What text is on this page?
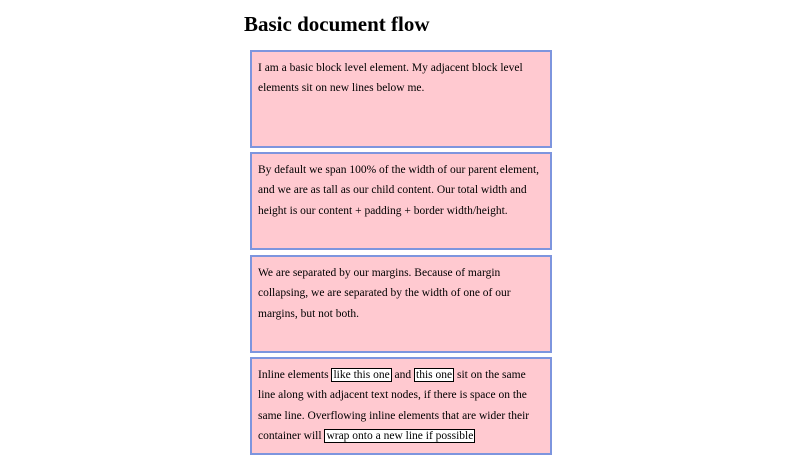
Basic document flow

I am a basic block level element. My adjacent block level elements sit on new lines below me.

By default we span 100% of the width of our parent element, and we are as tall as our child content. Our total width and height is our content + padding + border width/height.

We are separated by our margins. Because of margin collapsing, we are separated by the width of one of our margins, but not both.

Inline elements like this one and this one sit on the same line along with adjacent text nodes, if there is space on the same line. Overflowing inline elements that are wider their container will wrap onto a new line if possible
